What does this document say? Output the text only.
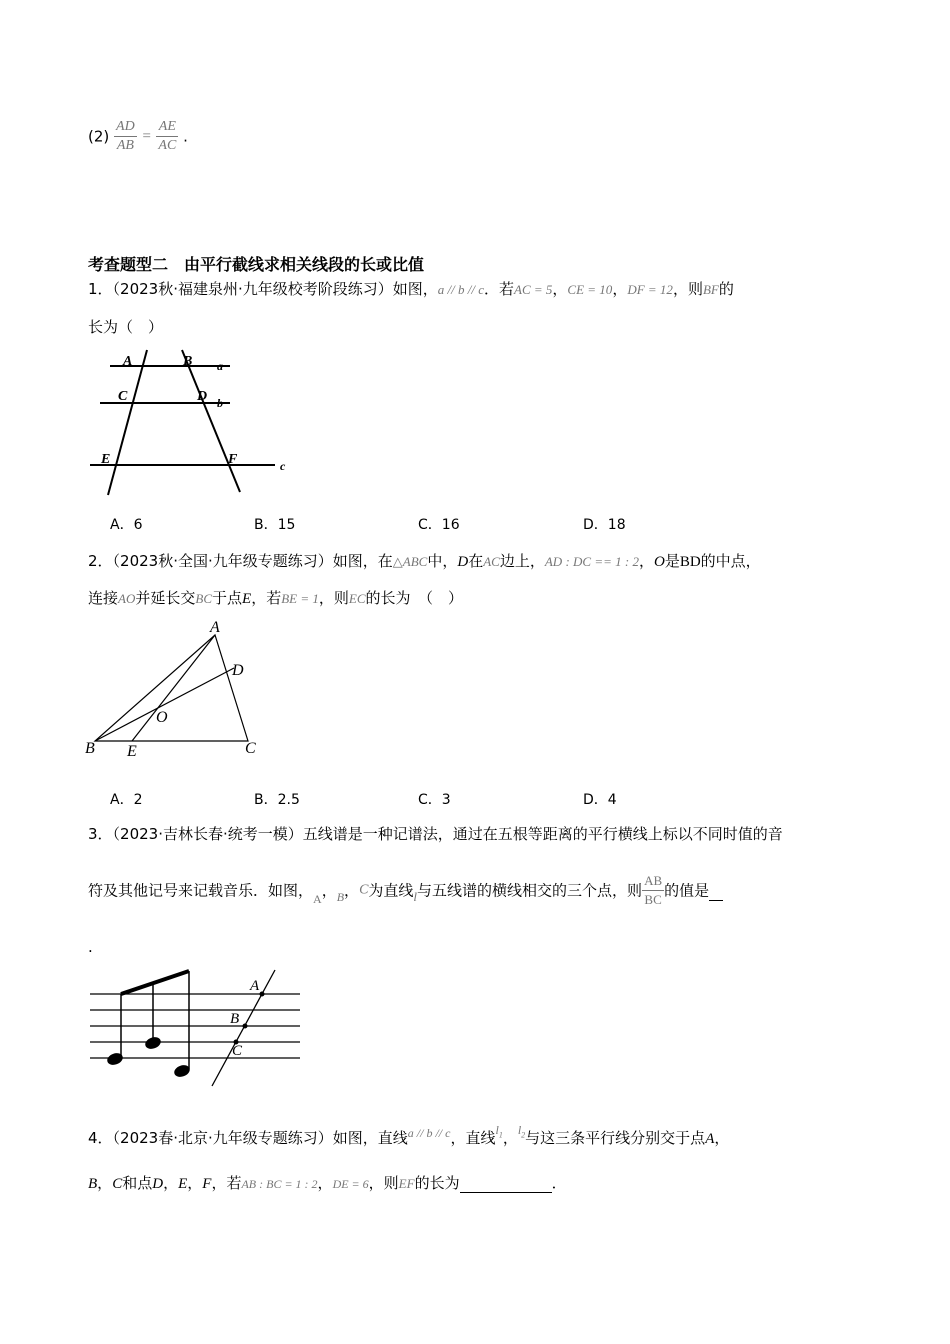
$(2) \frac{AD}{AB} = \frac{AE}{AC}$ .
考查题型二　由平行截线求相关线段的长或比值
1．（2023秋·福建泉州·九年级校考阶段练习）如图，a // b // c．若AC = 5，CE = 10，DF = 12，则BF的
长为（　）
A	B
C	D
E	F
a
b
c
A．6	B．15	C．16	D．18
2．（2023秋·全国·九年级专题练习）如图，在△ABC中，D在AC边上，AD : DC == 1 : 2，O是BD的中点，
连接AO并延长交BC于点E，若BE = 1，则EC的长为　（　）
A
D
O
B E	C
A．2	B．2.5	C．3	D．4
3．（2023·吉林长春·统考一模）五线谱是一种记谱法，通过在五根等距离的平行横线上标以不同时值的音
符及其他记号来记载音乐．如图，$_A$，$_B$，C为直线l与五线谱的横线相交的三个点，则 $\frac{AB}{BC}$ 的值是
.
A
B
C
4．（2023春·北京·九年级专题练习）如图，直线$^{a // b // c}$，直线$^{l_1}$，$^{l_2}$与这三条平行线分别交于点A，
B，C和点D，E，F，若AB : BC = 1 : 2，DE = 6，则EF的长为	．
